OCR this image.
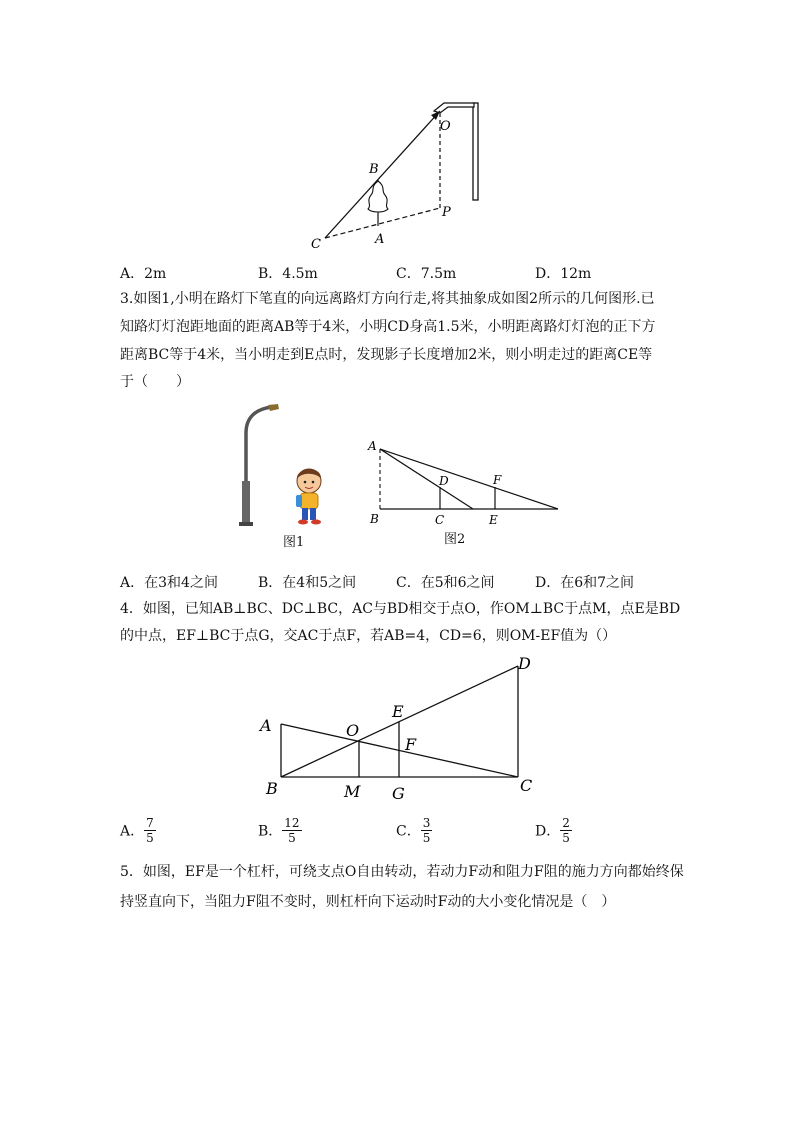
O
B
P
C	A
A．2m	B．4.5m	C．7.5m	D．12m
3.如图1,小明在路灯下笔直的向远离路灯方向行走,将其抽象成如图2所示的几何图形.已
知路灯灯泡距地面的距离AB等于4米，小明CD身高1.5米，小明距离路灯灯泡的正下方
距离BC等于4米，当小明走到E点时，发现影子长度增加2米，则小明走过的距离CE等
于（　　）
图1
A
B	C
D
E
F
图2
A．在3和4之间	B．在4和5之间	C．在5和6之间	D．在6和7之间
4．如图，已知AB⊥BC、DC⊥BC，AC与BD相交于点O，作OM⊥BC于点M，点E是BD
的中点，EF⊥BC于点G，交AC于点F，若AB=4，CD=6，则OM-EF值为（）
A
B	C
D
E
F
O
M G
A． $\frac{7}{5}$	B． $\frac{12}{5}$	C． $\frac{3}{5}$	D． $\frac{2}{5}$
5．如图，EF是一个杠杆，可绕支点O自由转动，若动力F动和阻力F阻的施力方向都始终保
持竖直向下，当阻力F阻不变时，则杠杆向下运动时F动的大小变化情况是（　）
